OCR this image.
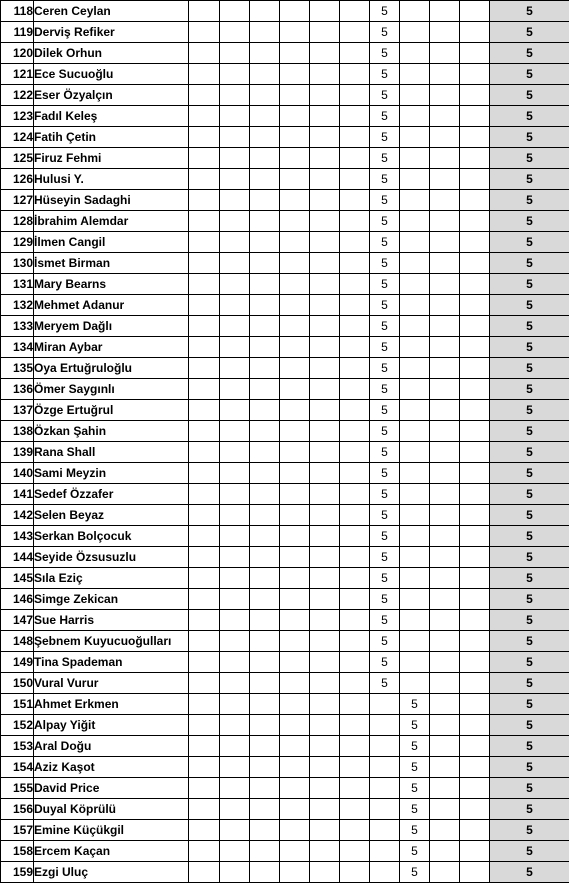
118	Ceren Ceylan							5				5
119	Derviş Refiker							5				5
120	Dilek Orhun							5				5
121	Ece Sucuoğlu							5				5
122	Eser Özyalçın							5				5
123	Fadıl Keleş							5				5
124	Fatih Çetin							5				5
125	Firuz Fehmi							5				5
126	Hulusi Y.							5				5
127	Hüseyin Sadaghi							5				5
128	İbrahim Alemdar							5				5
129	İlmen Cangil							5				5
130	İsmet Birman							5				5
131	Mary Bearns							5				5
132	Mehmet Adanur							5				5
133	Meryem Dağlı							5				5
134	Miran Aybar							5				5
135	Oya Ertuğruloğlu							5				5
136	Ömer Saygınlı							5				5
137	Özge Ertuğrul							5				5
138	Özkan Şahin							5				5
139	Rana Shall							5				5
140	Sami Meyzin							5				5
141	Sedef Özzafer							5				5
142	Selen Beyaz							5				5
143	Serkan Bolçocuk							5				5
144	Seyide Özsusuzlu							5				5
145	Sıla Eziç							5				5
146	Simge Zekican							5				5
147	Sue Harris							5				5
148	Şebnem Kuyucuoğulları							5				5
149	Tina Spademan							5				5
150	Vural Vurur							5				5
151	Ahmet Erkmen								5			5
152	Alpay Yiğit								5			5
153	Aral Doğu								5			5
154	Aziz Kaşot								5			5
155	David Price								5			5
156	Duyal Köprülü								5			5
157	Emine Küçükgil								5			5
158	Ercem Kaçan								5			5
159	Ezgi Uluç								5			5
